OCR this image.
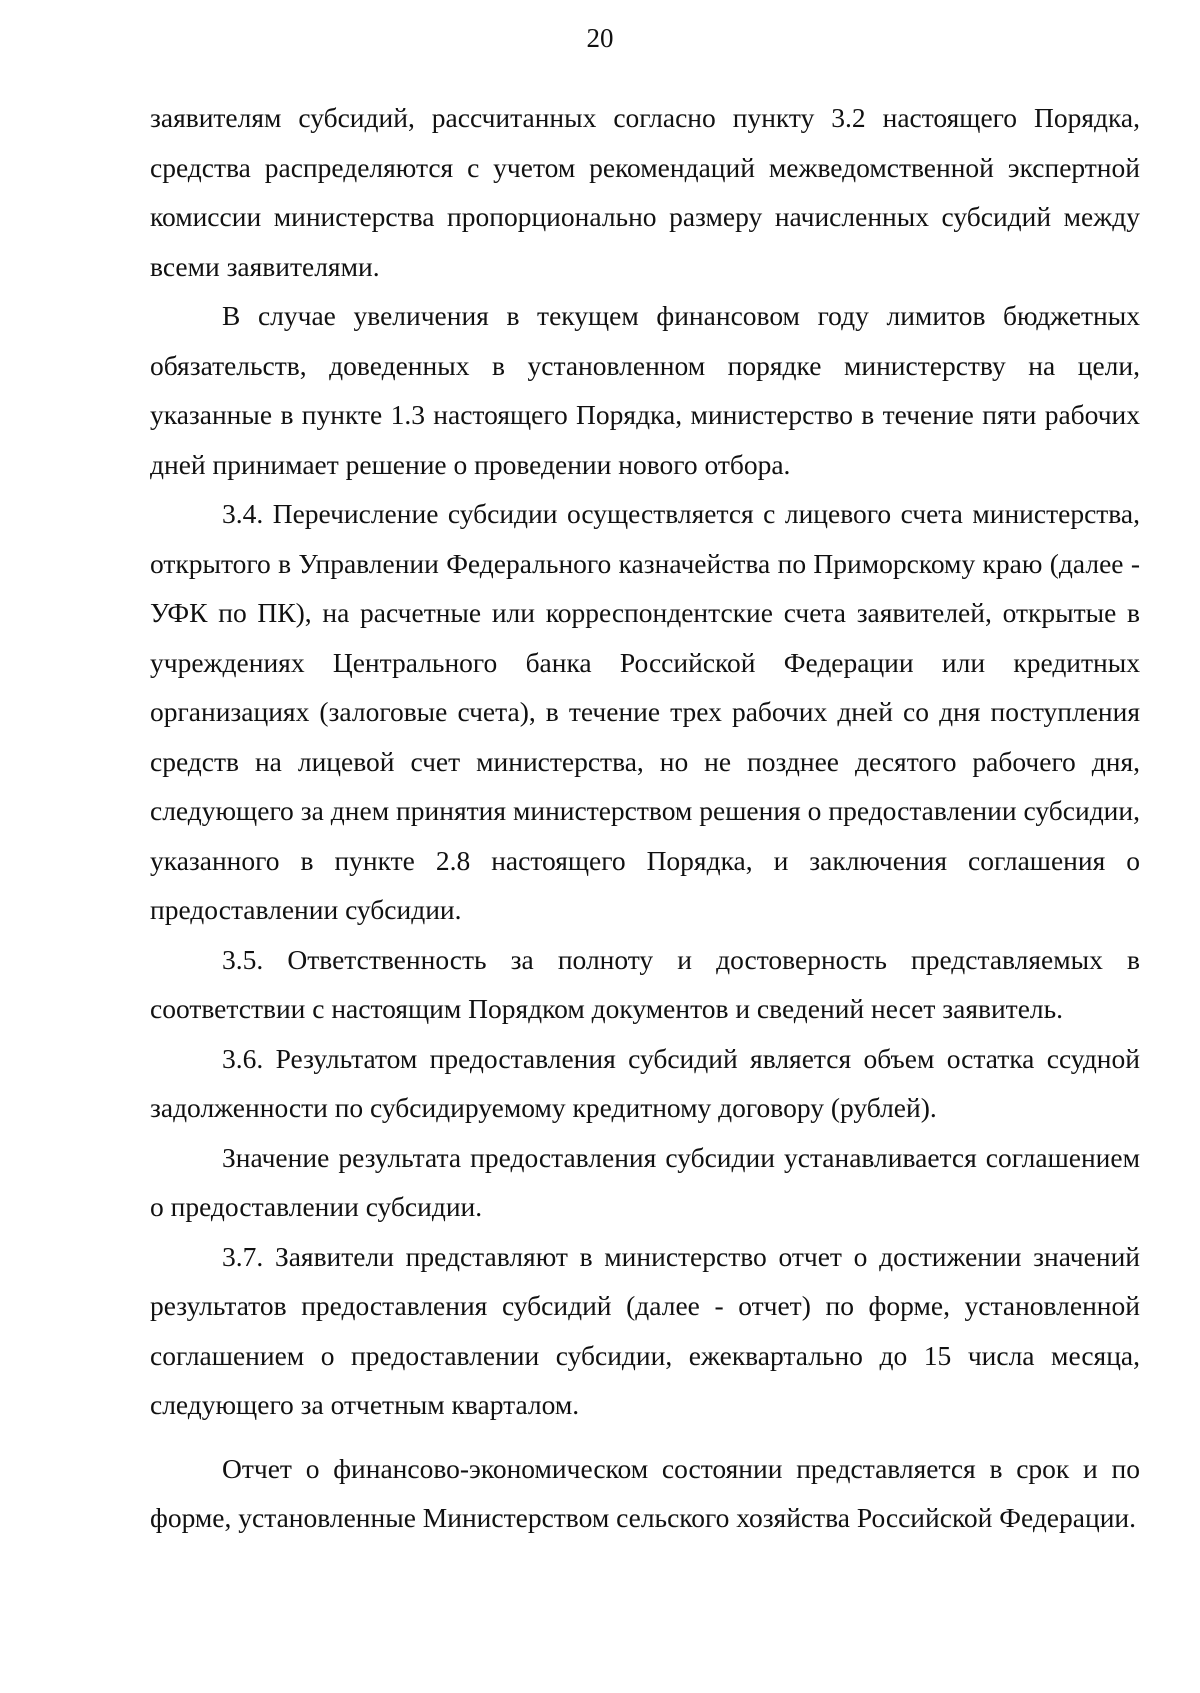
20

заявителям субсидий, рассчитанных согласно пункту 3.2 настоящего Порядка, средства распределяются с учетом рекомендаций межведомственной экспертной комиссии министерства пропорционально размеру начисленных субсидий между всеми заявителями.

В случае увеличения в текущем финансовом году лимитов бюджетных обязательств, доведенных в установленном порядке министерству на цели, указанные в пункте 1.3 настоящего Порядка, министерство в течение пяти рабочих дней принимает решение о проведении нового отбора.

3.4. Перечисление субсидии осуществляется с лицевого счета министерства, открытого в Управлении Федерального казначейства по Приморскому краю (далее - УФК по ПК), на расчетные или корреспондентские счета заявителей, открытые в учреждениях Центрального банка Российской Федерации или кредитных организациях (залоговые счета), в течение трех рабочих дней со дня поступления средств на лицевой счет министерства, но не позднее десятого рабочего дня, следующего за днем принятия министерством решения о предоставлении субсидии, указанного в пункте 2.8 настоящего Порядка, и заключения соглашения о предоставлении субсидии.

3.5. Ответственность за полноту и достоверность представляемых в соответствии с настоящим Порядком документов и сведений несет заявитель.

3.6. Результатом предоставления субсидий является объем остатка ссудной задолженности по субсидируемому кредитному договору (рублей).

Значение результата предоставления субсидии устанавливается соглашением о предоставлении субсидии.

3.7. Заявители представляют в министерство отчет о достижении значений результатов предоставления субсидий (далее - отчет) по форме, установленной соглашением о предоставлении субсидии, ежеквартально до 15 числа месяца, следующего за отчетным кварталом.

Отчет о финансово-экономическом состоянии представляется в срок и по форме, установленные Министерством сельского хозяйства Российской Федерации.
